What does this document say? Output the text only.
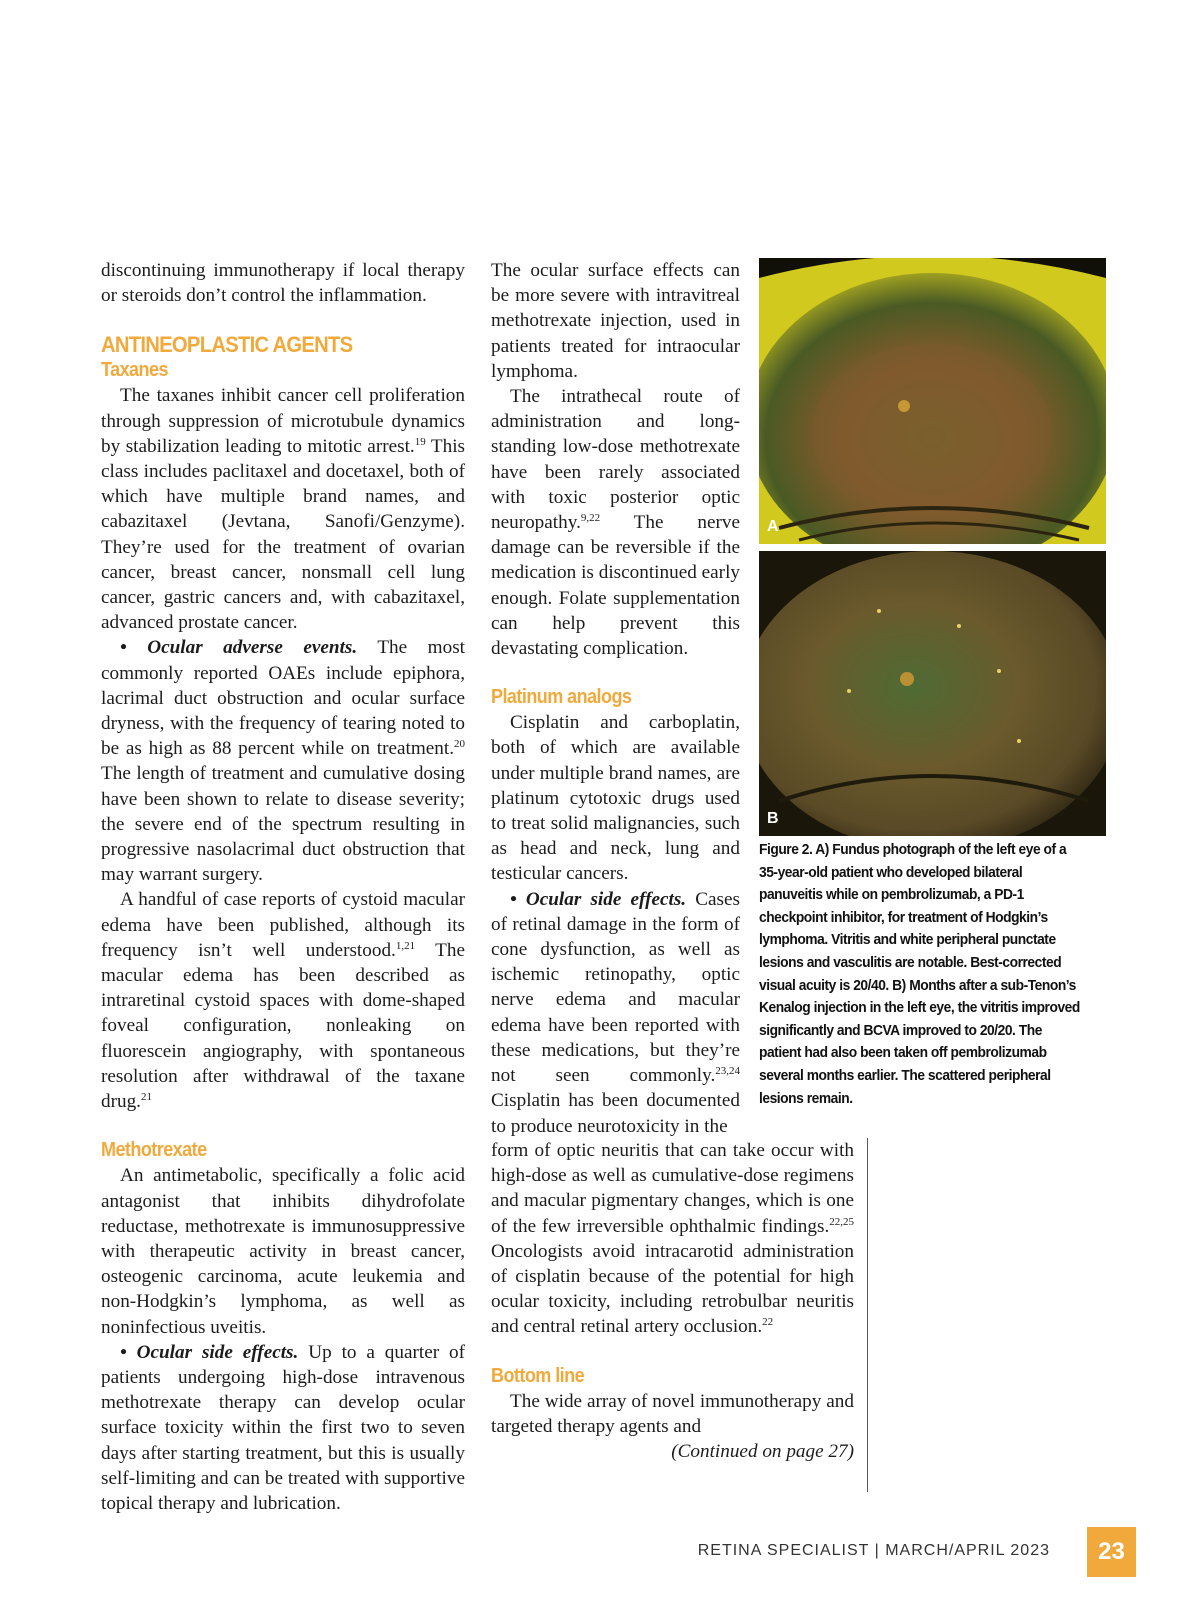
discontinuing immunotherapy if local therapy or steroids don’t control the inflammation.

ANTINEOPLASTIC AGENTS
Taxanes

The taxanes inhibit cancer cell proliferation through suppression of microtubule dynamics by stabilization leading to mitotic arrest.$^{19}$ This class includes paclitaxel and docetaxel, both of which have multiple brand names, and cabazitaxel (Jevtana, Sanofi/Genzyme). They’re used for the treatment of ovarian cancer, breast cancer, nonsmall cell lung cancer, gastric cancers and, with cabazitaxel, advanced prostate cancer.

• Ocular adverse events. The most commonly reported OAEs include epiphora, lacrimal duct obstruction and ocular surface dryness, with the frequency of tearing noted to be as high as 88 percent while on treatment.$^{20}$ The length of treatment and cumulative dosing have been shown to relate to disease severity; the severe end of the spectrum resulting in progressive nasolacrimal duct obstruction that may warrant surgery.

A handful of case reports of cystoid macular edema have been published, although its frequency isn’t well understood.$^{1,21}$ The macular edema has been described as intraretinal cystoid spaces with dome-shaped foveal configuration, nonleaking on fluorescein angiography, with spontaneous resolution after withdrawal of the taxane drug.$^{21}$

Methotrexate

An antimetabolic, specifically a folic acid antagonist that inhibits dihydrofolate reductase, methotrexate is immunosuppressive with therapeutic activity in breast cancer, osteogenic carcinoma, acute leukemia and non-Hodgkin’s lymphoma, as well as noninfectious uveitis.

• Ocular side effects. Up to a quarter of patients undergoing high-dose intravenous methotrexate therapy can develop ocular surface toxicity within the first two to seven days after starting treatment, but this is usually self-limiting and can be treated with supportive topical therapy and lubrication.

The ocular surface effects can be more severe with intravitreal methotrexate injection, used in patients treated for intraocular lymphoma.

The intrathecal route of administration and long-standing low-dose methotrexate have been rarely associated with toxic posterior optic neuropathy.$^{9,22}$ The nerve damage can be reversible if the medication is discontinued early enough. Folate supplementation can help prevent this devastating complication.

Platinum analogs

Cisplatin and carboplatin, both of which are available under multiple brand names, are platinum cytotoxic drugs used to treat solid malignancies, such as head and neck, lung and testicular cancers.

• Ocular side effects. Cases of retinal damage in the form of cone dysfunction, as well as ischemic retinopathy, optic nerve edema and macular edema have been reported with these medications, but they’re not seen commonly.$^{23,24}$ Cisplatin has been documented to produce neurotoxicity in the

form of optic neuritis that can take occur with high-dose as well as cumulative-dose regimens and macular pigmentary changes, which is one of the few irreversible ophthalmic findings.$^{22,25}$ Oncologists avoid intracarotid administration of cisplatin because of the potential for high ocular toxicity, including retrobulbar neuritis and central retinal artery occlusion.$^{22}$

Bottom line

The wide array of novel immunotherapy and targeted therapy agents and

(Continued on page 27)
A
B
Figure 2. A) Fundus photograph of the left eye of a 35-year-old patient who developed bilateral panuveitis while on pembrolizumab, a PD-1 checkpoint inhibitor, for treatment of Hodgkin’s lymphoma. Vitritis and white peripheral punctate lesions and vasculitis are notable. Best-corrected visual acuity is 20/40. B) Months after a sub-Tenon’s Kenalog injection in the left eye, the vitritis improved significantly and BCVA improved to 20/20. The patient had also been taken off pembrolizumab several months earlier. The scattered peripheral lesions remain.
RETINA SPECIALIST | MARCH/APRIL 2023	23
